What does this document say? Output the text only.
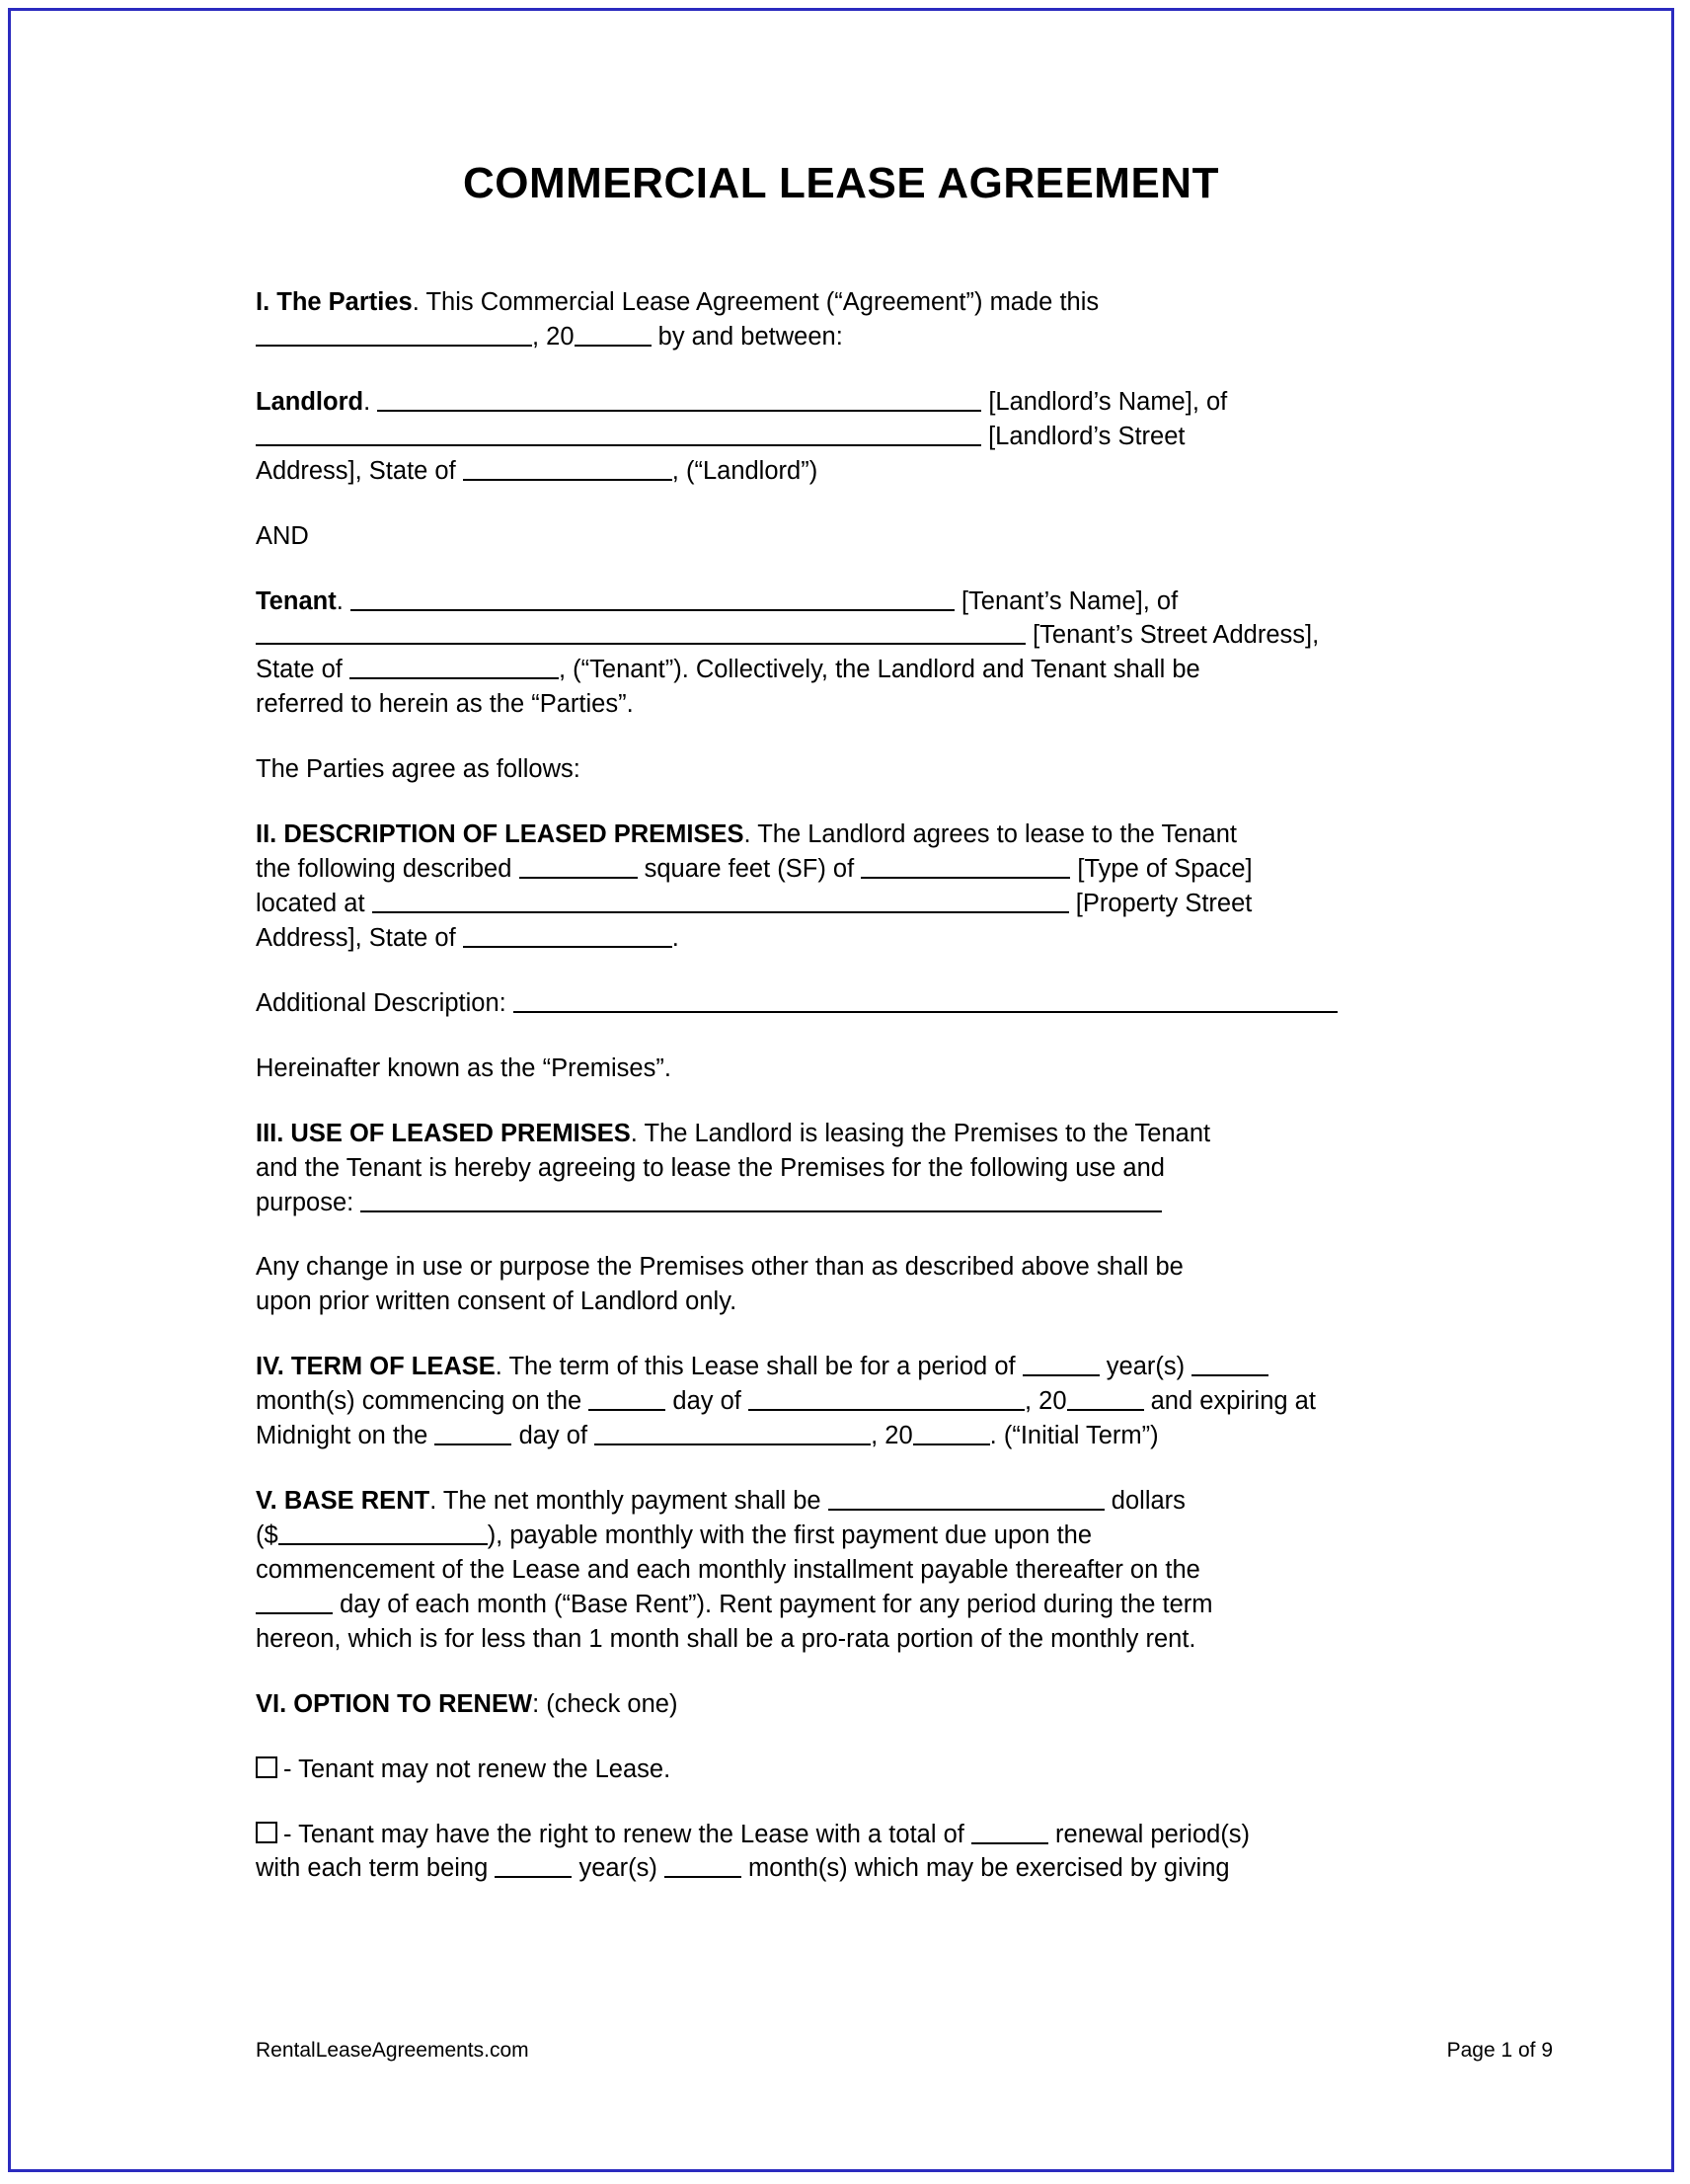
COMMERCIAL LEASE AGREEMENT

I. The Parties. This Commercial Lease Agreement (“Agreement”) made this
, 20	by and between:

Landlord.	[Landlord’s Name], of
[Landlord’s Street
Address], State of	, (“Landlord”)

AND

Tenant.	[Tenant’s Name], of
[Tenant’s Street Address],
State of	, (“Tenant”). Collectively, the Landlord and Tenant shall be
referred to herein as the “Parties”.

The Parties agree as follows:

II. DESCRIPTION OF LEASED PREMISES. The Landlord agrees to lease to the Tenant
the following described	square feet (SF) of	[Type of Space]
located at	[Property Street
Address], State of	.

Additional Description:

Hereinafter known as the “Premises”.

III. USE OF LEASED PREMISES. The Landlord is leasing the Premises to the Tenant
and the Tenant is hereby agreeing to lease the Premises for the following use and
purpose:

Any change in use or purpose the Premises other than as described above shall be
upon prior written consent of Landlord only.

IV. TERM OF LEASE. The term of this Lease shall be for a period of	year(s)
month(s) commencing on the	day of	, 20	and expiring at
Midnight on the	day of	, 20	. (“Initial Term”)

V. BASE RENT. The net monthly payment shall be	dollars
($	), payable monthly with the first payment due upon the
commencement of the Lease and each monthly installment payable thereafter on the
day of each month (“Base Rent”). Rent payment for any period during the term
hereon, which is for less than 1 month shall be a pro-rata portion of the monthly rent.

VI. OPTION TO RENEW: (check one)

- Tenant may not renew the Lease.

- Tenant may have the right to renew the Lease with a total of	renewal period(s)
with each term being	year(s)	month(s) which may be exercised by giving

RentalLeaseAgreements.com	Page 1 of 9
